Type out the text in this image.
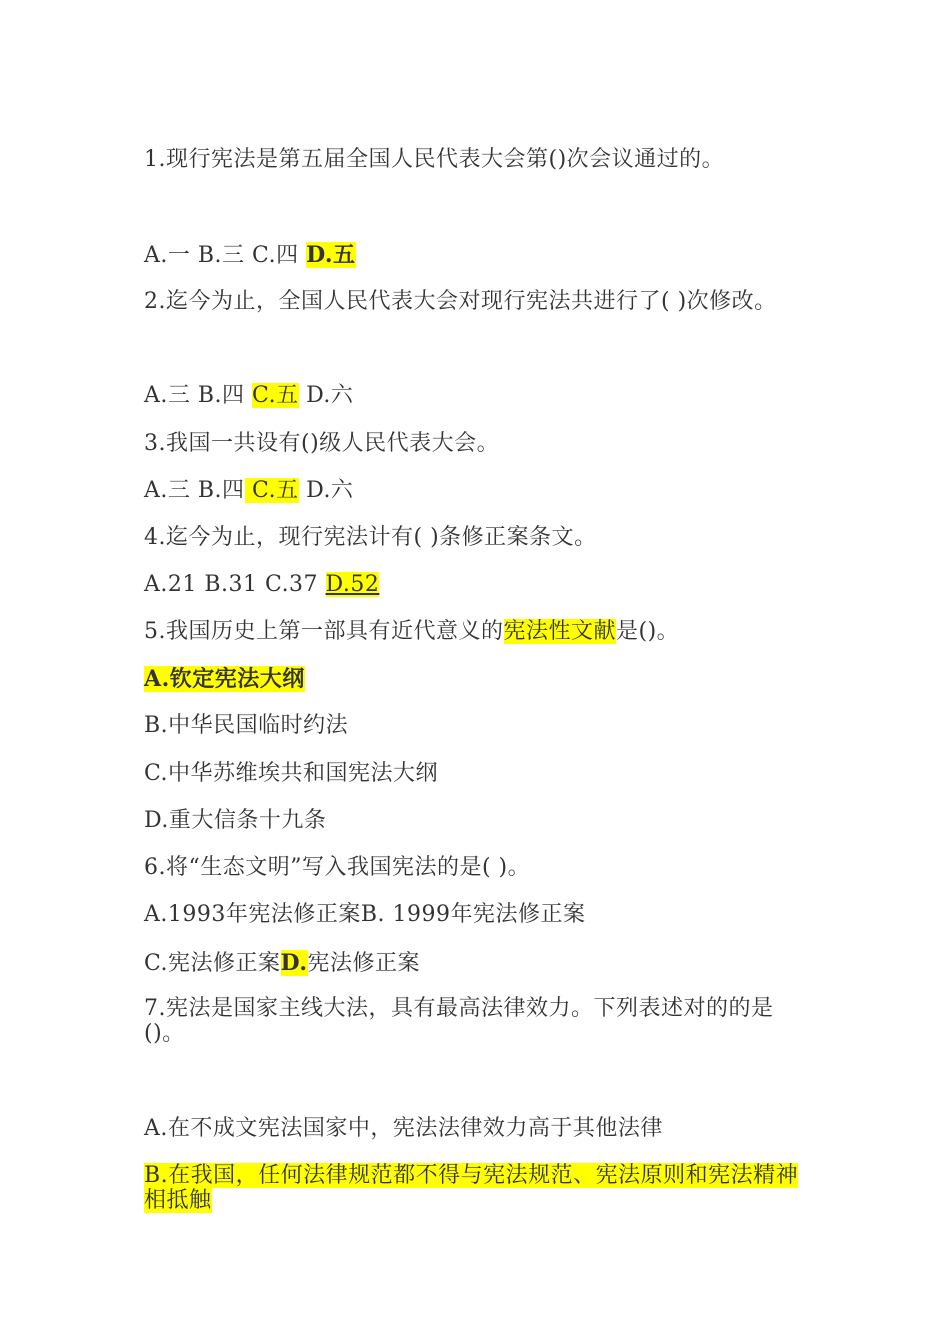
1.现行宪法是第五届全国人民代表大会第()次会议通过的。
A.一 B.三 C.四 D.五
2.迄今为止，全国人民代表大会对现行宪法共进行了( )次修改。
A.三 B.四 C.五 D.六
3.我国一共设有()级人民代表大会。
A.三 B.四 C.五 D.六
4.迄今为止，现行宪法计有( )条修正案条文。
A.21 B.31 C.37 D.52
5.我国历史上第一部具有近代意义的宪法性文献是()。
A.钦定宪法大纲
B.中华民国临时约法
C.中华苏维埃共和国宪法大纲
D.重大信条十九条
6.将“生态文明”写入我国宪法的是( )。
A.1993年宪法修正案B. 1999年宪法修正案
C.宪法修正案D.宪法修正案
7.宪法是国家主线大法，具有最高法律效力。下列表述对的的是()。
A.在不成文宪法国家中，宪法法律效力高于其他法律
B.在我国，任何法律规范都不得与宪法规范、宪法原则和宪法精神相抵触
